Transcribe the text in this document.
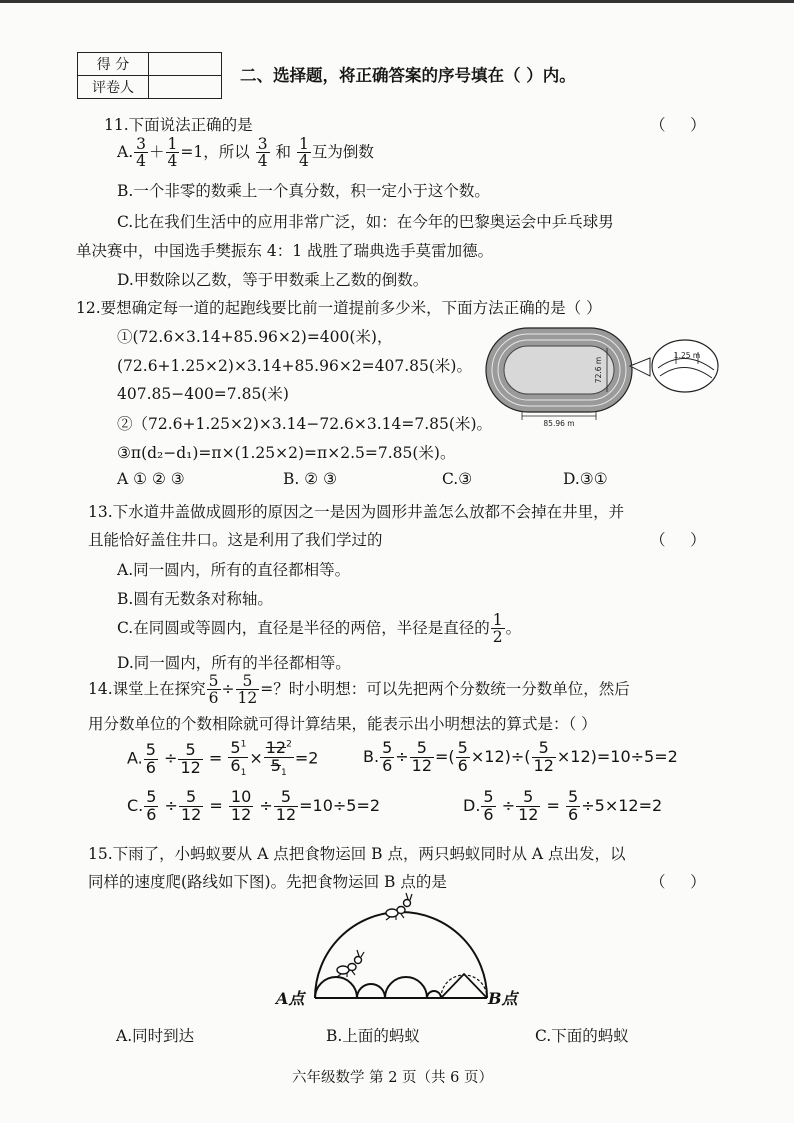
得 分	
评卷人	
二、选择题，将正确答案的序号填在（ ）内。
11.下面说法正确的是	（     ）
A. $\frac{3}{4} + \frac{1}{4} =1$，所以 $\frac{3}{4}$ 和 $\frac{1}{4}$ 互为倒数
B.一个非零的数乘上一个真分数，积一定小于这个数。
C.比在我们生活中的应用非常广泛，如：在今年的巴黎奥运会中乒乓球男
单决赛中，中国选手樊振东 4：1 战胜了瑞典选手莫雷加德。
D.甲数除以乙数，等于甲数乘上乙数的倒数。
12.要想确定每一道的起跑线要比前一道提前多少米，下面方法正确的是（ ）
①(72.6×3.14+85.96×2)=400(米)，
(72.6+1.25×2)×3.14+85.96×2=407.85(米)。
407.85−400=7.85(米)
②（72.6+1.25×2)×3.14−72.6×3.14=7.85(米)。
③π(d₂−d₁)=π×(1.25×2)=π×2.5=7.85(米)。
A ① ② ③	B. ② ③	C.③	D.③①
72.6 m
85.96 m
1.25 m
13.下水道井盖做成圆形的原因之一是因为圆形井盖怎么放都不会掉在井里，并
且能恰好盖住井口。这是利用了我们学过的	（     ）
A.同一圆内，所有的直径都相等。
B.圆有无数条对称轴。
C.在同圆或等圆内，直径是半径的两倍，半径是直径的 $\frac{1}{2}$ 。
D.同一圆内，所有的半径都相等。
14.课堂上在探究 $\frac{5}{6} \div \frac{5}{12}$ =？时小明想：可以先把两个分数统一分数单位，然后
用分数单位的个数相除就可得计算结果，能表示出小明想法的算式是：（ ）
A. $\frac{5}{6} \div \frac{5}{12} = \frac{5^1}{6_1} \times \frac{12^2}{5_1} =2$	B. $\frac{5}{6} \div \frac{5}{12}$ =( $\frac{5}{6} \times 12)\div( \frac{5}{12} \times 12)=10\div 5=2$
C. $\frac{5}{6} \div \frac{5}{12} = \frac{10}{12} \div \frac{5}{12} =10\div 5=2$	D. $\frac{5}{6} \div \frac{5}{12} = \frac{5}{6} \div 5\times 12=2$
15.下雨了，小蚂蚁要从 A 点把食物运回 B 点，两只蚂蚁同时从 A 点出发，以
同样的速度爬(路线如下图)。先把食物运回 B 点的是	（     ）
A点	B点
A.同时到达	B.上面的蚂蚁	C.下面的蚂蚁
六年级数学 第 2 页（共 6 页）
